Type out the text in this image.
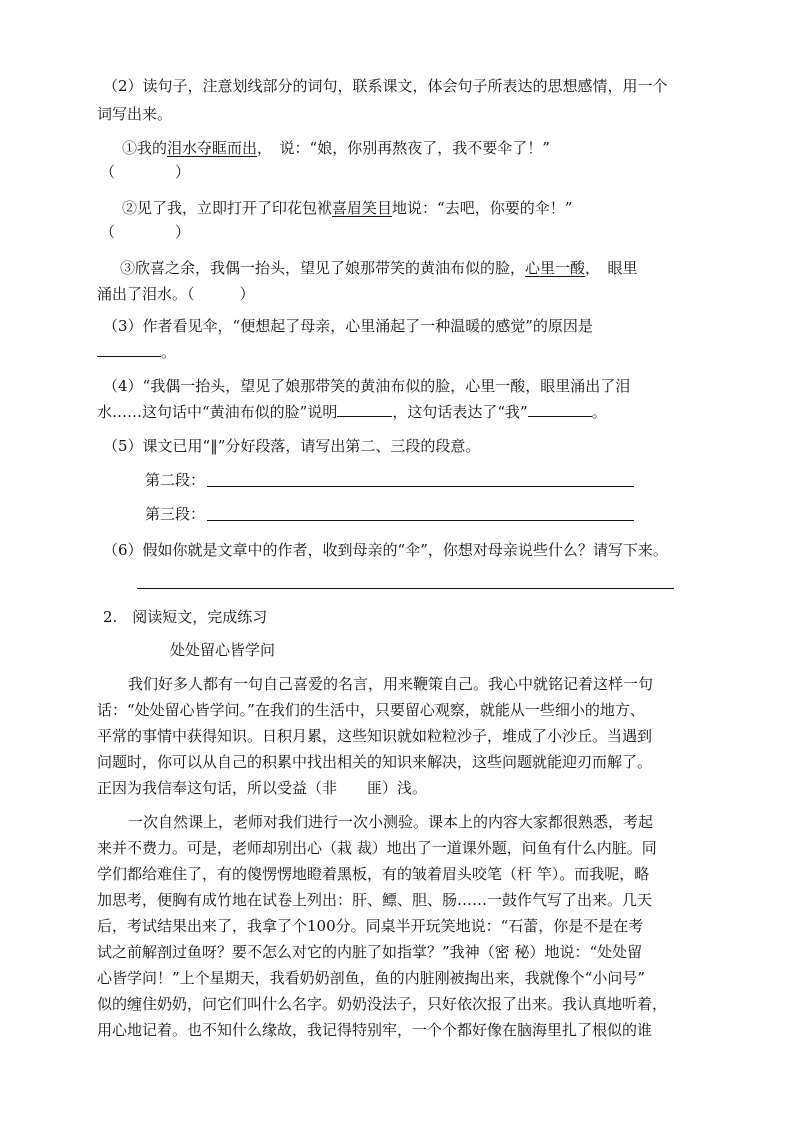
（2）读句子，注意划线部分的词句，联系课文，体会句子所表达的思想感情，用一个
词写出来。
①我的泪水夺眶而出，　说：“娘，你别再熬夜了，我不要伞了！”
（　　　　）
②见了我，立即打开了印花包袱喜眉笑目地说：“去吧，你要的伞！”
（　　　　）
③欣喜之余，我偶一抬头，望见了娘那带笑的黄油布似的脸，心里一酸，　眼里
涌出了泪水。（　　　）
（3）作者看见伞，“便想起了母亲，心里涌起了一种温暖的感觉”的原因是
。
（4）“我偶一抬头，望见了娘那带笑的黄油布似的脸，心里一酸，眼里涌出了泪
水……这句话中“黄油布似的脸”说明	，这句话表达了“我”	。
（5）课文已用“‖”分好段落，请写出第二、三段的段意。
第二段：
第三段：
（6）假如你就是文章中的作者，收到母亲的“伞”，你想对母亲说些什么？请写下来。
2.　阅读短文，完成练习
处处留心皆学问
我们好多人都有一句自己喜爱的名言，用来鞭策自己。我心中就铭记着这样一句
话：“处处留心皆学问。”在我们的生活中，只要留心观察，就能从一些细小的地方、
平常的事情中获得知识。日积月累，这些知识就如粒粒沙子，堆成了小沙丘。当遇到
问题时，你可以从自己的积累中找出相关的知识来解决，这些问题就能迎刃而解了。
正因为我信奉这句话，所以受益（非　　匪）浅。
一次自然课上，老师对我们进行一次小测验。课本上的内容大家都很熟悉，考起
来并不费力。可是，老师却别出心（栽 裁）地出了一道课外题，问鱼有什么内脏。同
学们都给难住了，有的傻愣愣地瞪着黑板，有的皱着眉头咬笔（杆 竿）。而我呢，略
加思考，便胸有成竹地在试卷上列出：肝、鳔、胆、肠……一鼓作气写了出来。几天
后，考试结果出来了，我拿了个100分。同桌半开玩笑地说：“石蕾，你是不是在考
试之前解剖过鱼呀？要不怎么对它的内脏了如指掌？”我神（密 秘）地说：“处处留
心皆学问！”上个星期天，我看奶奶剖鱼，鱼的内脏刚被掏出来，我就像个“小问号”
似的缠住奶奶，问它们叫什么名字。奶奶没法子，只好依次报了出来。我认真地听着，
用心地记着。也不知什么缘故，我记得特别牢，一个个都好像在脑海里扎了根似的谁
